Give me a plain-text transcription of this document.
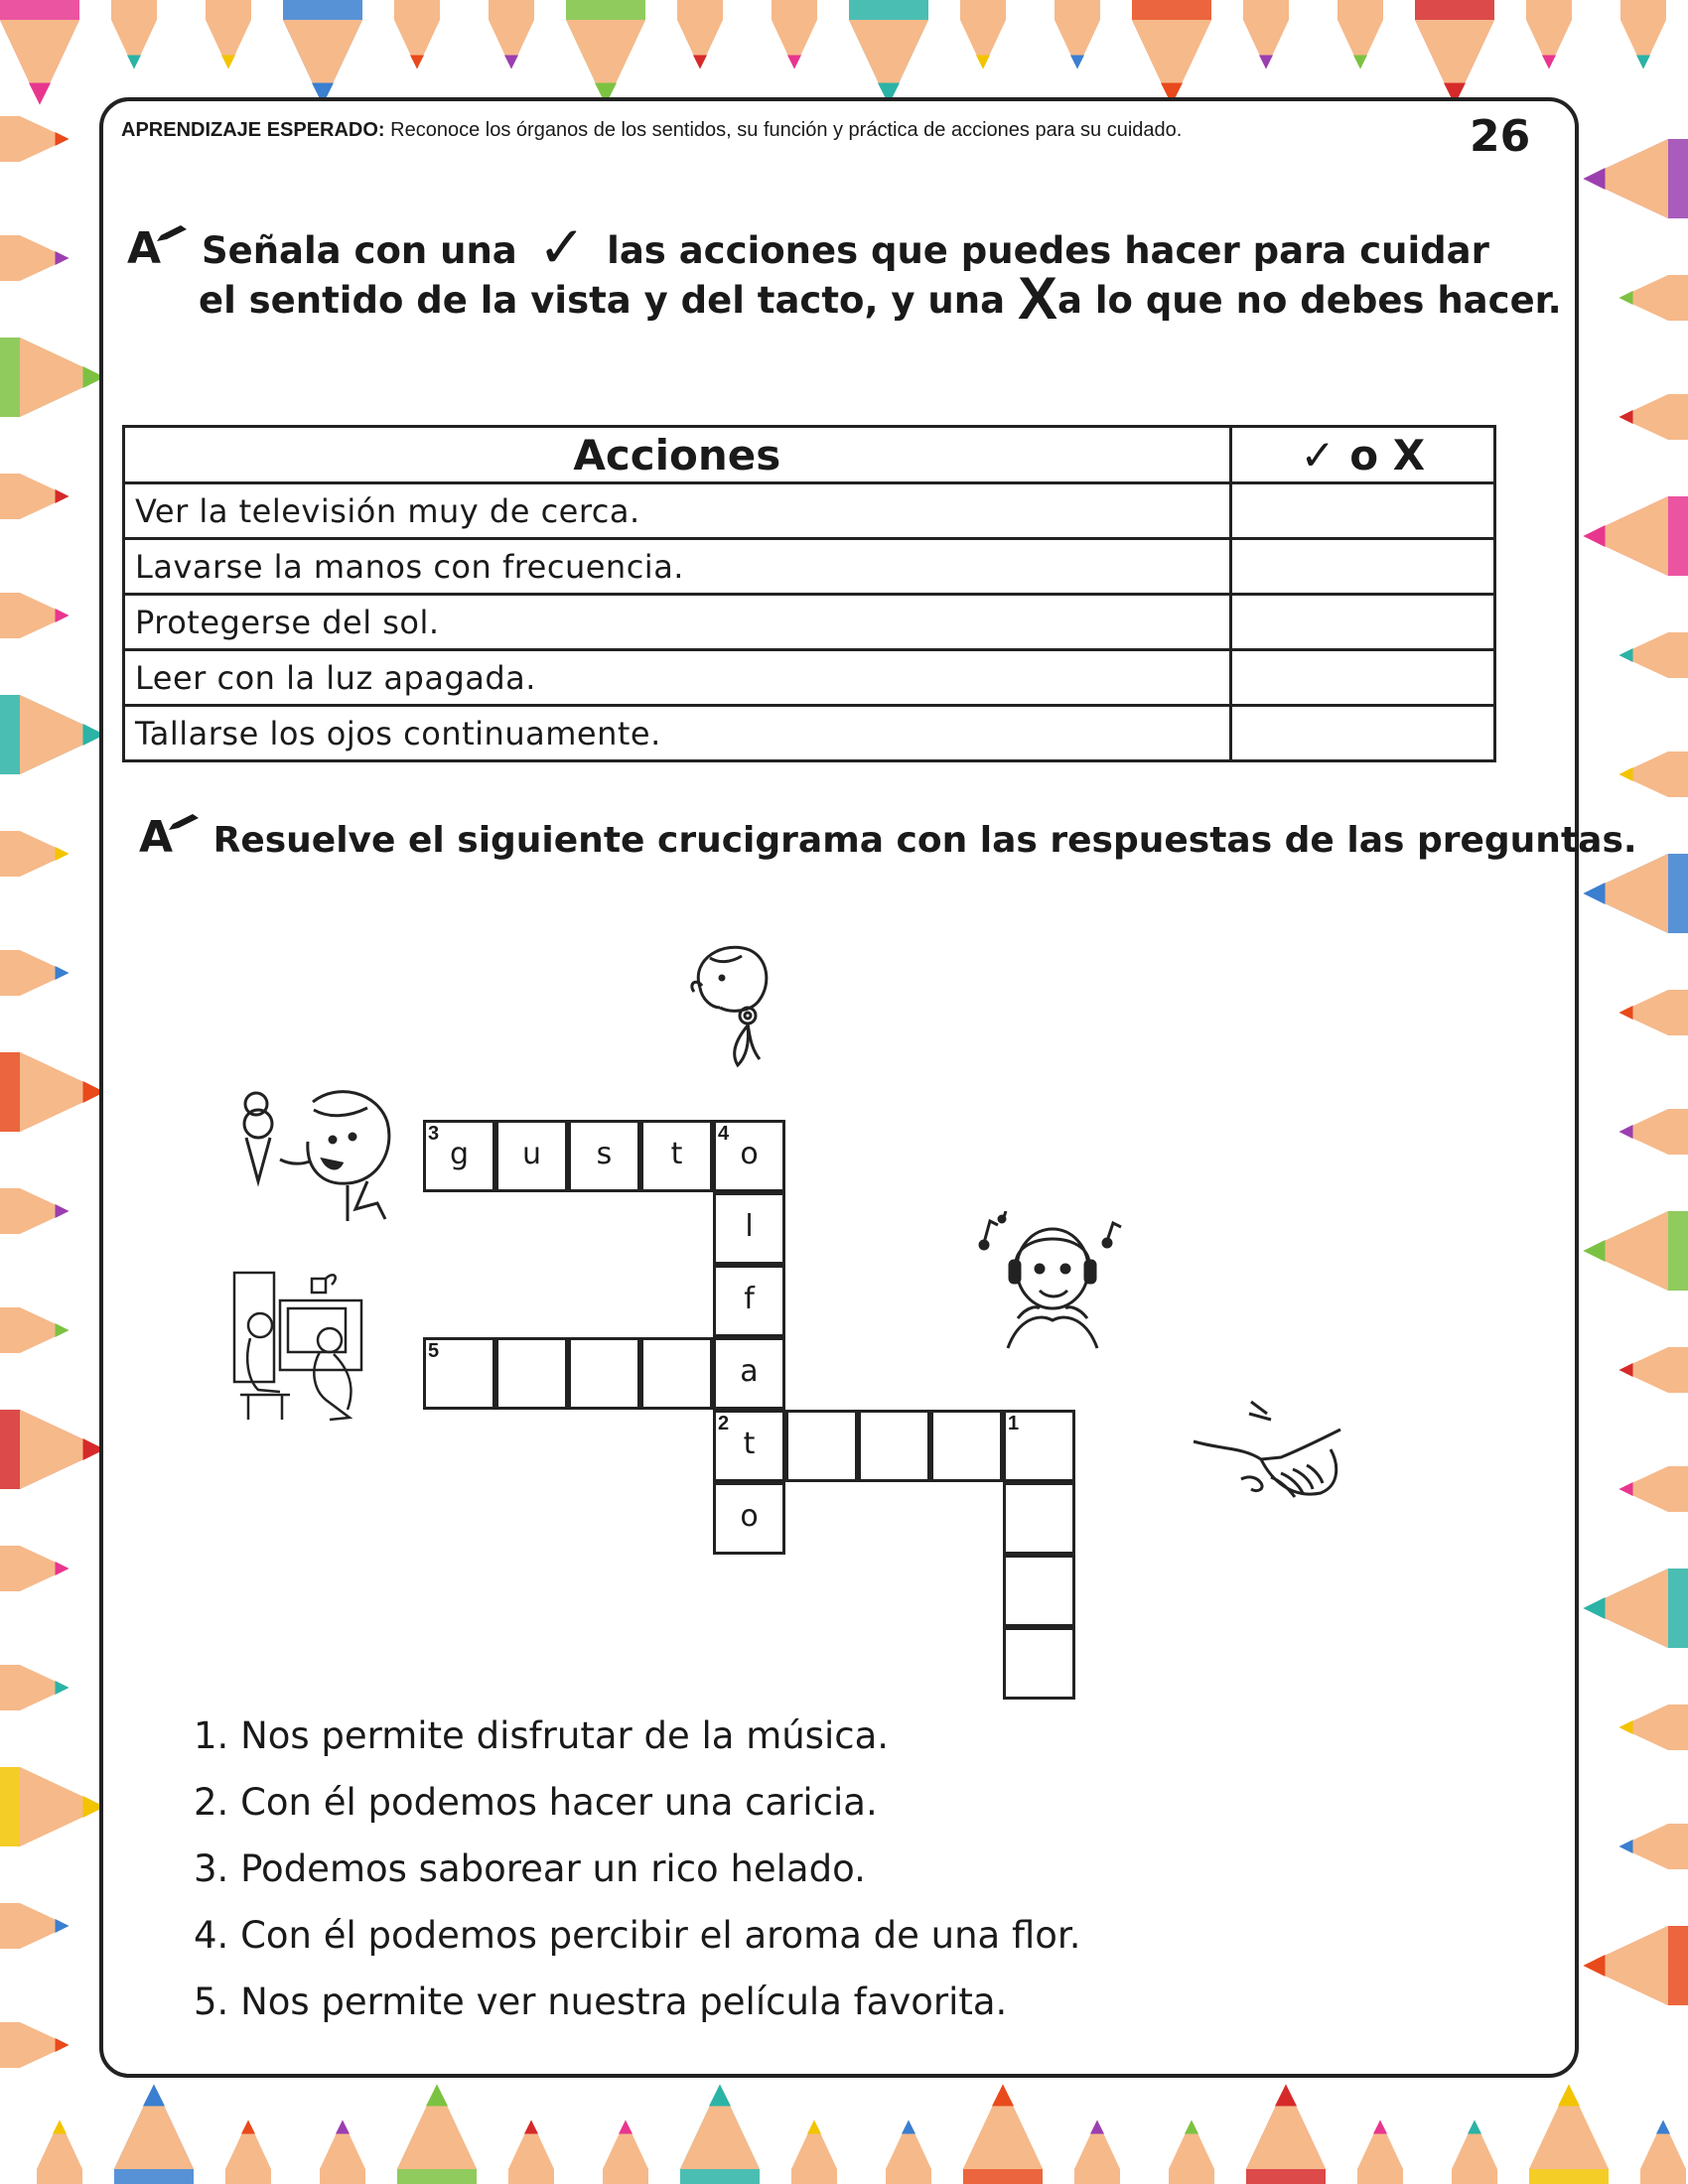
APRENDIZAJE ESPERADO: Reconoce los órganos de los sentidos, su función y práctica de acciones para su cuidado.	26
A Señala con una ✓ las acciones que puedes hacer para cuidar
el sentido de la vista y del tacto, y una Xa lo que no debes hacer.
Acciones	✓ o X
Ver la televisión muy de cerca.	
Lavarse la manos con frecuencia.	
Protegerse del sol.	
Leer con la luz apagada.	
Tallarse los ojos continuamente.	
A Resuelve el siguiente crucigrama con las respuestas de las preguntas.
3
g	u	s	t
4
o
l
f
5
a
2
t
1
o
1. Nos permite disfrutar de la música.
2. Con él podemos hacer una caricia.
3. Podemos saborear un rico helado.
4. Con él podemos percibir el aroma de una flor.
5. Nos permite ver nuestra película favorita.
